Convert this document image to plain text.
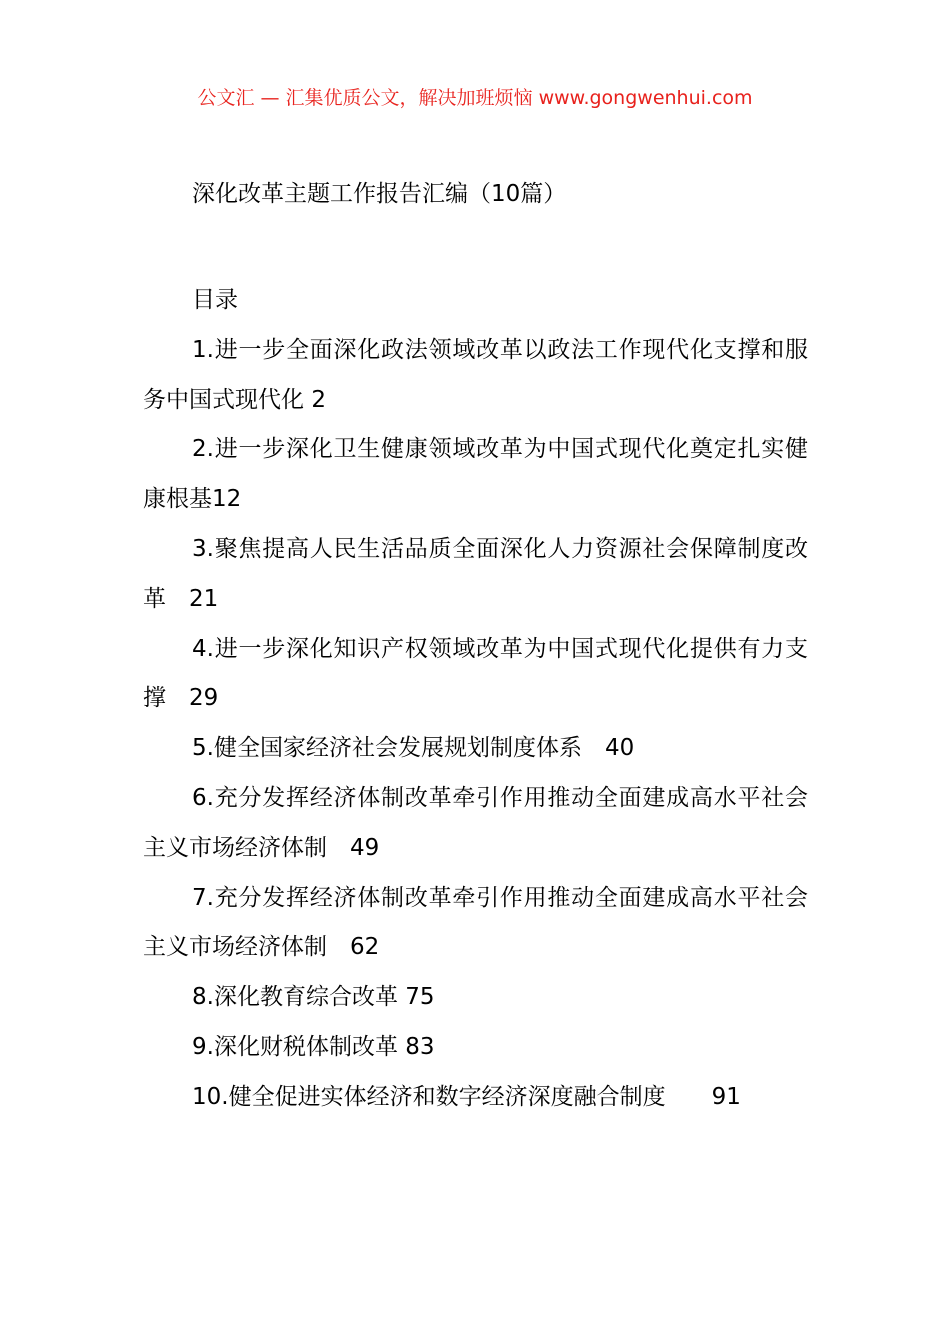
公文汇 — 汇集优质公文，解决加班烦恼 www.gongwenhui.com
深化改革主题工作报告汇编（10篇）
目录
1.进一步全面深化政法领域改革以政法工作现代化支撑和服务中国式现代化 2
2.进一步深化卫生健康领域改革为中国式现代化奠定扎实健康根基12
3.聚焦提高人民生活品质全面深化人力资源社会保障制度改革  21
4.进一步深化知识产权领域改革为中国式现代化提供有力支撑  29
5.健全国家经济社会发展规划制度体系  40
6.充分发挥经济体制改革牵引作用推动全面建成高水平社会主义市场经济体制  49
7.充分发挥经济体制改革牵引作用推动全面建成高水平社会主义市场经济体制  62
8.深化教育综合改革 75
9.深化财税体制改革 83
10.健全促进实体经济和数字经济深度融合制度   91
